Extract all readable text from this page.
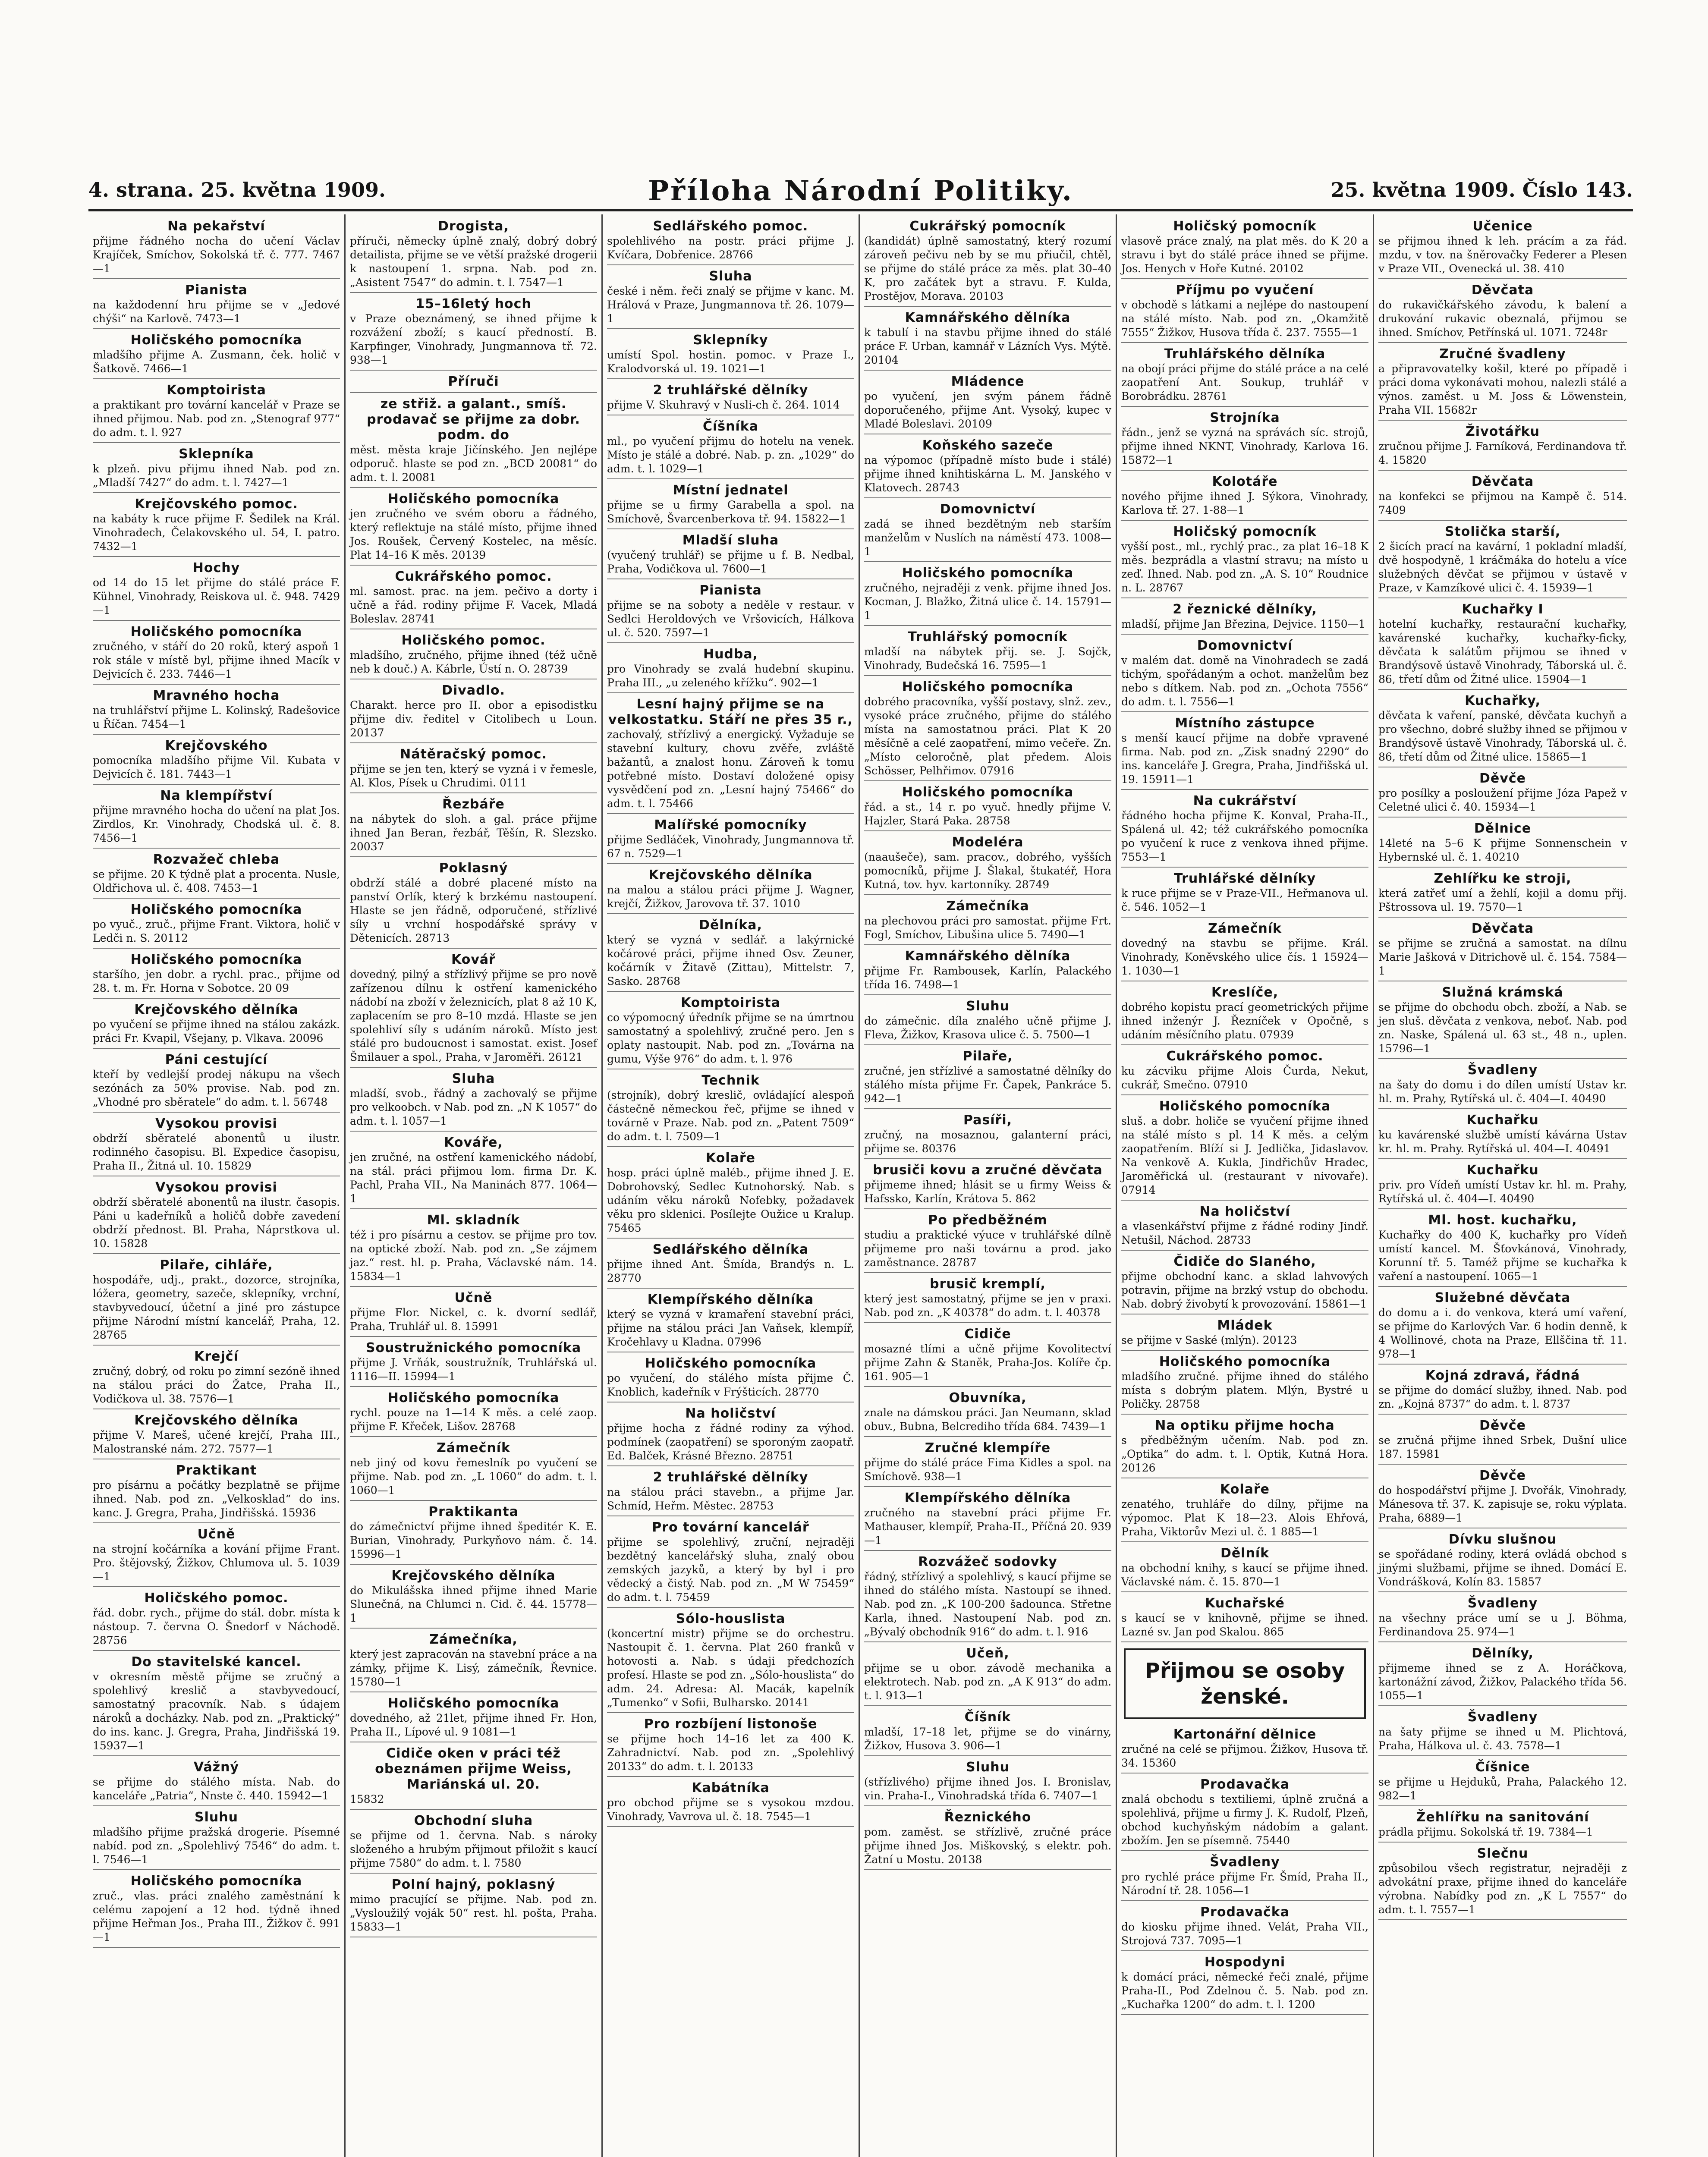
4. strana. 25. května 1909.	Příloha Národní Politiky.	25. května 1909. Číslo 143.
Na pekařství
přijme řádného nocha do učení Václav Krajíček, Smíchov, Sokolská tř. č. 777. 7467—1
Pianista
na každodenní hru přijme se v „Jedové chýši“ na Karlově. 7473—1
Holičského pomocníka
mladšího přijme A. Zusmann, ček. holič v Šatkově. 7466—1
Komptoiristа
a praktikant pro tovární kancelář v Praze se ihned přijmou. Nab. pod zn. „Stenograf 977“ do adm. t. l. 927
Sklepníka
k plzeň. pivu přijmu ihned Nab. pod zn. „Mladší 7427“ do adm. t. l. 7427—1
Krejčovského pomoc.
na kabáty k ruce přijme F. Šedilek na Král. Vinohradech, Čelakovského ul. 54, I. patro. 7432—1
Hochy
od 14 do 15 let přijme do stálé práce F. Kühnel, Vinohrady, Reiskova ul. č. 948. 7429—1
Holičského pomocníka
zručného, v stáří do 20 roků, který aspoň 1 rok stále v místě byl, přijme ihned Macík v Dejvicích č. 233. 7446—1
Mravného hocha
na truhlářství přijme L. Kolinský, Radešovice u Říčan. 7454—1
Krejčovského
pomocníka mladšího přijme Vil. Kubata v Dejvicích č. 181. 7443—1
Na klempířství
přijme mravného hocha do učení na plat Jos. Zirdlos, Kr. Vinohrady, Chodská ul. č. 8. 7456—1
Rozvažeč chleba
se přijme. 20 K týdně plat a procenta. Nusle, Oldřichova ul. č. 408. 7453—1
Holičského pomocníka
po vyuč., zruč., přijme Frant. Viktora, holič v Ledči n. S. 20112
Holičského pomocníka
staršího, jen dobr. a rychl. prac., přijme od 28. t. m. Fr. Horna v Sobotce. 20 09
Krejčovského dělníka
po vyučení se přijme ihned na stálou zakázk. práci Fr. Kvapil, Všejany, p. Vlkava. 20096
Páni cestující
kteří by vedlejší prodej nákupu na všech sezónách za 50% provise. Nab. pod zn. „Vhodné pro sběratele“ do adm. t. l. 56748
Vysokou provisi
obdrží sběratelé abonentů u ilustr. rodinného časopisu. Bl. Expedice časopisu, Praha II., Žitná ul. 10. 15829
Vysokou provisi
obdrží sběratelé abonentů na ilustr. časopis. Páni u kadeřníků a holičů dobře zavedení obdrží přednost. Bl. Praha, Náprstkova ul. 10. 15828
Pilaře, cihláře,
hospodáře, udj., prakt., dozorce, strojníka, lóžera, geometry, sazeče, sklepníky, vrchní, stavbyvedoucí, účetní a jiné pro zástupce přijme Národní místní kancelář, Praha, 12. 28765
Krejčí
zručný, dobrý, od roku po zimní sezóně ihned na stálou práci do Žatce, Praha II., Vodičkova ul. 38. 7576—1
Krejčovského dělníka
přijme V. Mareš, učené krejčí, Praha III., Malostranské nám. 272. 7577—1
Praktikant
pro písárnu a počátky bezplatně se přijme ihned. Nab. pod zn. „Velkosklad“ do ins. kanc. J. Gregra, Praha, Jindřišská. 15936
Učně
na strojní kočárníka a kování přijme Frant. Pro. štějovský, Žižkov, Chlumova ul. 5. 1039—1
Holičského pomoc.
řád. dobr. rych., přijme do stál. dobr. místa k nástoup. 7. června O. Šnedorf v Náchodě. 28756
Do stavitelské kancel.
v okresním městě přijme se zručný a spolehlivý kreslič a stavbyvedoucí, samostatný pracovník. Nab. s údajem nároků a docházky. Nab. pod zn. „Praktický“ do ins. kanc. J. Gregra, Praha, Jindřišská 19. 15937—1
Vážný
se přijme do stálého místa. Nab. do kanceláře „Patria“, Nnste č. 440. 15942—1
Sluhu
mladšího přijme pražská drogerie. Písemné nabíd. pod zn. „Spolehlivý 7546“ do adm. t. l. 7546—1
Holičského pomocníka
zruč., vlas. práci znalého zaměstnání k celému zapojení a 12 hod. týdně ihned přijme Heřman Jos., Praha III., Žižkov č. 991—1
Drogista,
příruči, německy úplně znalý, dobrý dobrý detailista, přijme se ve větší pražské drogerii k nastoupení 1. srpna. Nab. pod zn. „Asistent 7547“ do admin. t. l. 7547—1
15–16letý hoch
v Praze obeznámený, se ihned přijme k rozvážení zboží; s kaucí předností. B. Karpfinger, Vinohrady, Jungmannova tř. 72. 938—1
Příruči
ze střiž. a galant., smíš. prodavač se přijme za dobr. podm. do
měst. města kraje Jičínského. Jen nejlépe odporuč. hlaste se pod zn. „BCD 20081“ do adm. t. l. 20081
Holičského pomocníka
jen zručného ve svém oboru a řádného, který reflektuje na stálé místo, přijme ihned Jos. Roušek, Červený Kostelec, na měsíc. Plat 14–16 K měs. 20139
Cukrářského pomoc.
ml. samost. prac. na jem. pečivo a dorty i učně a řád. rodiny přijme F. Vacek, Mladá Boleslav. 28741
Holičského pomoc.
mladšího, zručného, přijme ihned (též učně neb k douč.) A. Kábrle, Ústí n. O. 28739
Divadlo.
Charakt. herce pro II. obor a episodistku přijme div. ředitel v Citolibech u Loun. 20137
Nátěračský pomoc.
přijme se jen ten, který se vyzná i v řemesle, Al. Klos, Písek u Chrudimi. 0111
Řezbáře
na nábytek do sloh. a gal. práce přijme ihned Jan Beran, řezbář, Těšín, R. Slezsko. 20037
Poklasný
obdrží stálé a dobré placené místo na panství Orlík, který k brzkému nastoupení. Hlaste se jen řádně, odporučené, střízlivé síly u vrchní hospodářské správy v Dětenicích. 28713
Kovář
dovedný, pilný a střízlivý přijme se pro nově zařízenou dílnu k ostření kamenického nádobí na zboží v železnicích, plat 8 až 10 K, zaplacením se pro 8–10 mzdá. Hlaste se jen spolehliví síly s udáním nároků. Místo jest stálé pro budoucnost i samostat. exist. Josef Šmilauer a spol., Praha, v Jaroměři. 26121
Sluha
mladší, svob., řádný a zachovalý se přijme pro velkoobch. v Nab. pod zn. „N K 1057“ do adm. t. l. 1057—1
Kováře,
jen zručné, na ostření kamenického nádobí, na stál. práci přijmou lom. firma Dr. K. Pachl, Praha VII., Na Maninách 877. 1064—1
Ml. skladník
též i pro písárnu a cestov. se přijme pro tov. na optické zboží. Nab. pod zn. „Se zájmem jaz.“ rest. hl. p. Praha, Václavské nám. 14. 15834—1
Učně
přijme Flor. Nickel, c. k. dvorní sedlář, Praha, Truhlář ul. 8. 15991
Soustružnického pomocníka
přijme J. Vrňák, soustružník, Truhlářská ul. 1116—II. 15994—1
Holičského pomocníka
rychl. pouze na 1—14 K měs. a celé zaop. přijme F. Křeček, Lišov. 28768
Zámečník
neb jiný od kovu řemeslník po vyučení se přijme. Nab. pod zn. „L 1060“ do adm. t. l. 1060—1
Praktikanta
do zámečnictví přijme ihned špeditér K. E. Burian, Vinohrady, Purkyňovo nám. č. 14. 15996—1
Krejčovského dělníka
do Mikulášska ihned přijme ihned Marie Slunečná, na Chlumci n. Cid. č. 44. 15778—1
Zámečníka,
který jest zapracován na stavební práce a na zámky, přijme K. Lisý, zámečník, Řevnice. 15780—1
Holičského pomocníka
dovedného, až 21let, přijme ihned Fr. Hon, Praha II., Lípové ul. 9 1081—1
Cidiče oken v práci též obeznámen přijme Weiss, Mariánská ul. 20.
15832
Obchodní sluha
se přijme od 1. června. Nab. s nároky složeného a hrubým přijmout přiložit s kaucí přijme 7580“ do adm. t. l. 7580
Polní hajný, poklasný
mimo pracující se přijme. Nab. pod zn. „Vysloužilý voják 50“ rest. hl. pošta, Praha. 15833—1
Sedlářského pomoc.
spolehlivého na postr. práci přijme J. Kvíčara, Dobřenice. 28766
Sluha
české i něm. řeči znalý se přijme v kanc. M. Hrálová v Praze, Jungmannova tř. 26. 1079—1
Sklepníky
umístí Spol. hostin. pomoc. v Praze I., Kralodvorská ul. 19. 1021—1
2 truhlářské dělníky
přijme V. Skuhravý v Nusli-ch č. 264. 1014
Číšníka
ml., po vyučení přijmu do hotelu na venek. Místo je stálé a dobré. Nab. p. zn. „1029“ do adm. t. l. 1029—1
Místní jednatel
přijme se u firmy Garabella a spol. na Smíchově, Švarcenberkova tř. 94. 15822—1
Mladší sluha
(vyučený truhlář) se přijme u f. B. Nedbal, Praha, Vodičkova ul. 7600—1
Pianista
přijme se na soboty a neděle v restaur. v Sedlci Heroldových ve Vršovicích, Hálkova ul. č. 520. 7597—1
Hudba,
pro Vinohrady se zvalá hudební skupinu. Praha III., „u zeleného křížku“. 902—1
Lesní hajný přijme se na velkostatku. Stáří ne přes 35 r.,
zachovalý, střízlivý a energický. Vyžaduje se stavební kultury, chovu zvěře, zvláště bažantů, a znalost honu. Zároveň k tomu potřebné místo. Dostaví doložené opisy vysvědčení pod zn. „Lesní hajný 75466“ do adm. t. l. 75466
Malířské pomocníky
přijme Sedláček, Vinohrady, Jungmannova tř. 67 n. 7529—1
Krejčovského dělníka
na malou a stálou práci přijme J. Wagner, krejčí, Žižkov, Jarovova tř. 37. 1010
Dělníka,
který se vyzná v sedlář. a lakýrnické kočárové práci, přijme ihned Osv. Zeuner, kočárník v Žitavě (Zittau), Mittelstr. 7, Sasko. 28768
Komptoiristа
co výpomocný úředník přijme se na úmrtnou samostatný a spolehlivý, zručné pero. Jen s oplaty nastoupit. Nab. pod zn. „Továrna na gumu, Výše 976“ do adm. t. l. 976
Technik
(strojník), dobrý kreslič, ovládající alespoň částečně německou řeč, přijme se ihned v továrně v Praze. Nab. pod zn. „Patent 7509“ do adm. t. l. 7509—1
Kolaře
hosp. práci úplně maléb., přijme ihned J. E. Dobrohovský, Sedlec Kutnohorský. Nab. s udáním věku nároků Nofebky, požadavek věku pro sklenici. Posílejte Oužice u Kralup. 75465
Sedlářského dělníka
přijme ihned Ant. Šmída, Brandýs n. L. 28770
Klempířského dělníka
který se vyzná v kramaření stavební práci, přijme na stálou práci Jan Vaňsek, klempíř, Kročehlavy u Kladna. 07996
Holičského pomocníka
po vyučení, do stálého místa přijme Č. Knoblich, kadeřník v Frýšticích. 28770
Na holičství
přijme hocha z řádné rodiny za výhod. podmínek (zaopatření) se sporoným zaopatř. Ed. Balček, Krásné Březno. 28751
2 truhlářské dělníky
na stálou práci stavebn., a přijme Jar. Schmíd, Heřm. Městec. 28753
Pro tovární kancelář
přijme se spolehlivý, zruční, nejraději bezdětný kancelářský sluha, znalý obou zemských jazyků, a který by byl i pro vědecký a čistý. Nab. pod zn. „M W 75459“ do adm. t. l. 75459
Sólo-houslista
(koncertní mistr) přijme se do orchestru. Nastoupit č. 1. června. Plat 260 franků v hotovosti a. Nab. s údaji předchozích profesí. Hlaste se pod zn. „Sólo-houslista“ do adm. 24. Adresa: Al. Macák, kapelník „Tumenko“ v Sofii, Bulharsko. 20141
Pro rozbíjení listonoše
se přijme hoch 14–16 let za 400 K. Zahradnictví. Nab. pod zn. „Spolehlivý 20133“ do adm. t. l. 20133
Kabátníka
pro obchod přijme se s vysokou mzdou. Vinohrady, Vavrova ul. č. 18. 7545—1
Cukrářský pomocník
(kandidát) úplně samostatný, který rozumí zároveň pečivu neb by se mu přiučil, chtěl, se přijme do stálé práce za měs. plat 30–40 K, pro začátek byt a stravu. F. Kulda, Prostějov, Morava. 20103
Kamnářského dělníka
k tabulí i na stavbu přijme ihned do stálé práce F. Urban, kamnář v Lázních Vys. Mýtě. 20104
Mládence
po vyučení, jen svým pánem řádně doporučeného, přijme Ant. Vysoký, kupec v Mladé Boleslavi. 20109
Koňského sazeče
na výpomoc (případně místo bude i stálé) přijme ihned knihtiskárna L. M. Janského v Klatovech. 28743
Domovnictví
zadá se ihned bezdětným neb starším manželům v Nuslích na náměstí 473. 1008—1
Holičského pomocníka
zručného, nejraději z venk. přijme ihned Jos. Kocman, J. Blažko, Žitná ulice č. 14. 15791—1
Truhlářský pomocník
mladší na nábytek přij. se. J. Sojčk, Vinohrady, Budečská 16. 7595—1
Holičského pomocníka
dobrého pracovníka, vyšší postavy, slnž. zev., vysoké práce zručného, přijme do stálého místa na samostatnou práci. Plat K 20 měsíčně a celé zaopatření, mimo večeře. Zn. „Místo celoročně, plat předem. Alois Schösser, Pelhřimov. 07916
Holičského pomocníka
řád. a st., 14 r. po vyuč. hnedly přijme V. Hajzler, Stará Paka. 28758
Modeléra
(naaušeče), sam. pracov., dobrého, vyšších pomocníků, přijme J. Šlakal, štukatéř, Hora Kutná, tov. hyv. kartonníky. 28749
Zámečníka
na plechovou práci pro samostat. přijme Frt. Fogl, Smíchov, Libušina ulice 5. 7490—1
Kamnářského dělníka
přijme Fr. Rambousek, Karlín, Palackého třída 16. 7498—1
Sluhu
do zámečnic. díla znalého učně přijme J. Fleva, Žižkov, Krasova ulice č. 5. 7500—1
Pilaře,
zručné, jen střízlivé a samostatné dělníky do stálého místa přijme Fr. Čapek, Pankráce 5. 942—1
Pasíři,
zručný, na mosaznou, galanterní práci, přijme se. 80376
brusiči kovu a zručné děvčata
přijmeme ihned; hlásit se u firmy Weiss & Hafssko, Karlín, Krátova 5. 862
Po předběžném
studiu a praktické výuce v truhlářské dílně přijmeme pro naši továrnu a prod. jako zaměstnance. 28787
brusič kremplí,
který jest samostatný, přijme se jen v praxi. Nab. pod zn. „K 40378“ do adm. t. l. 40378
Cidiče
mosazné tlími a učně přijme Kovolitectví přijme Zahn & Staněk, Praha-Jos. Kolíře čp. 161. 905—1
Obuvníka,
znale na dámskou práci. Jan Neumann, sklad obuv., Bubna, Belcrediho třída 684. 7439—1
Zručné klempíře
přijme do stálé práce Fima Kidles a spol. na Smíchově. 938—1
Klempířského dělníka
zručného na stavební práci přijme Fr. Mathauser, klempíř, Praha-II., Příčná 20. 939—1
Rozvážeč sodovky
řádný, střízlivý a spolehlivý, s kaucí přijme se ihned do stálého místa. Nastoupí se ihned. Nab. pod zn. „K 100-200 šadounca. Střetne Karla, ihned. Nastoupení Nab. pod zn. „Bývalý obchodník 916“ do adm. t. l. 916
Učeň,
přijme se u obor. závodě mechanika a elektrotech. Nab. pod zn. „A K 913“ do adm. t. l. 913—1
Číšník
mladší, 17–18 let, přijme se do vinárny, Žižkov, Husova 3. 906—1
Sluhu
(střízlivého) přijme ihned Jos. I. Bronislav, vin. Praha-I., Vinohradská třída 6. 7407—1
Řeznického
pom. zaměst. se střízlivě, zručné práce přijme ihned Jos. Miškovský, s elektr. poh. Žatní u Mostu. 20138
Holičský pomocník
vlasově práce znalý, na plat měs. do K 20 a stravu i byt do stálé práce ihned se přijme. Jos. Henych v Hoře Kutné. 20102
Příjmu po vyučení
v obchodě s látkami a nejlépe do nastoupení na stálé místo. Nab. pod zn. „Okamžitě 7555“ Žižkov, Husova třída č. 237. 7555—1
Truhlářského dělníka
na obojí práci přijme do stálé práce a na celé zaopatření Ant. Soukup, truhlář v Borobrádku. 28761
Strojníka
řádn., jenž se vyzná na správách síc. strojů, přijme ihned NKNT, Vinohrady, Karlova 16. 15872—1
Kolotáře
nového přijme ihned J. Sýkora, Vinohrady, Karlova tř. 27. 1-88—1
Holičský pomocník
vyšší post., ml., rychlý prac., za plat 16–18 K měs. bezprádla a vlastní stravu; na místo u zeď. Ihned. Nab. pod zn. „A. S. 10“ Roudnice n. L. 28767
2 řeznické dělníky,
mladší, přijme Jan Březina, Dejvice. 1150—1
Domovnictví
v malém dat. domě na Vinohradech se zadá tichým, spořádaným a ochot. manželům bez nebo s dítkem. Nab. pod zn. „Ochota 7556“ do adm. t. l. 7556—1
Místního zástupce
s menší kaucí přijme na dobře vpravené firma. Nab. pod zn. „Zisk snadný 2290“ do ins. kanceláře J. Gregra, Praha, Jindřišská ul. 19. 15911—1
Na cukrářství
řádného hocha přijme K. Konval, Praha-II., Spálená ul. 42; též cukrářského pomocníka po vyučení k ruce z venkova ihned přijme. 7553—1
Truhlářské dělníky
k ruce přijme se v Praze-VII., Heřmanova ul. č. 546. 1052—1
Zámečník
dovedný na stavbu se přijme. Král. Vinohrady, Koněvského ulice čís. 1 15924—1. 1030—1
Kreslíče,
dobrého kopistu prací geometrických přijme ihned inženýr J. Řezníček v Opočně, s udáním měsíčního platu. 07939
Cukrářského pomoc.
ku zácviku přijme Alois Čurda, Nekut, cukrář, Smečno. 07910
Holičského pomocníka
sluš. a dobr. holiče se vyučení přijme ihned na stálé místo s pl. 14 K měs. a celým zaopatřením. Blíží si J. Jedlička, Jidaslavov. Na venkově A. Kukla, Jindřichův Hradec, Jaroměřická ul. (restaurant v nivovaře). 07914
Na holičství
a vlasenkářství přijme z řádné rodiny Jindř. Netušil, Náchod. 28733
Čidiče do Slaného,
přijme obchodní kanc. a sklad lahvových potravin, přijme na brzký vstup do obchodu. Nab. dobrý živobytí k provozování. 15861—1
Mládek
se přijme v Saské (mlýn). 20123
Holičského pomocníka
mladšího zručné. přijme ihned do stálého místa s dobrým platem. Mlýn, Bystré u Poličky. 28758
Na optiku přijme hocha
s předběžným učením. Nab. pod zn. „Optika“ do adm. t. l. Optik, Kutná Hora. 20126
Kolaře
zenatého, truhláře do dílny, přijme na výpomoc. Plat K 18—23. Alois Ehřová, Praha, Viktorův Mezi ul. č. 1 885—1
Dělník
na obchodní knihy, s kaucí se přijme ihned. Václavské nám. č. 15. 870—1
Kuchařské
s kaucí se v knihovně, přijme se ihned. Lazné sv. Jan pod Skalou. 865
Přijmou se osoby ženské.
Kartonářní dělnice
zručné na celé se přijmou. Žižkov, Husova tř. 34. 15360
Prodavačka
znalá obchodu s textiliemi, úplně zručná a spolehlivá, přijme u firmy J. K. Rudolf, Plzeň, obchod kuchyňským nádobím a galant. zbožím. Jen se písemně. 75440
Švadleny
pro rychlé práce přijme Fr. Šmíd, Praha II., Národní tř. 28. 1056—1
Prodavačka
do kiosku přijme ihned. Velát, Praha VII., Strojová 737. 7095—1
Hospodyni
k domácí práci, německé řeči znalé, přijme Praha-II., Pod Zdelnou č. 5. Nab. pod zn. „Kuchařka 1200“ do adm. t. l. 1200
Učenice
se přijmou ihned k leh. prácím a za řád. mzdu, v tov. na šněrovačky Federer a Plesen v Praze VII., Ovenecká ul. 38. 410
Děvčata
do rukavičkářského závodu, k balení a drukování rukavic obeznalá, přijmou se ihned. Smíchov, Petřínská ul. 1071. 7248r
Zručné švadleny
a připravovatelky košil, které po případě i práci doma vykonávati mohou, nalezli stálé a výnos. zaměst. u M. Joss & Löwenstein, Praha VII. 15682r
Životářku
zručnou přijme J. Farníková, Ferdinandova tř. 4. 15820
Děvčata
na konfekci se přijmou na Kampě č. 514. 7409
Stolička starší,
2 šicích prací na kavární, 1 pokladní mladší, dvě hospodyně, 1 kráčmáka do hotelu a více služebných děvčat se přijmou v ústavě v Praze, v Kamzíkové ulici č. 4. 15939—1
Kuchařky I
hotelní kuchařky, restaurační kuchařky, kavárenské kuchařky, kuchařky-ficky, děvčata k salátům přijmou se ihned v Brandýsově ústavě Vinohrady, Táborská ul. č. 86, třetí dům od Žitné ulice. 15904—1
Kuchařky,
děvčata k vaření, panské, děvčata kuchyň a pro všechno, dobré služby ihned se přijmou v Brandýsově ústavě Vinohrady, Táborská ul. č. 86, třetí dům od Žitné ulice. 15865—1
Děvče
pro posílky a posloužení přijme Józa Papež v Celetné ulici č. 40. 15934—1
Dělnice
14leté na 5–6 K přijme Sonnenschein v Hybernské ul. č. 1. 40210
Zehlířku ke stroji,
která zatřeť umí a žehlí, kojil a domu přij. Pštrossova ul. 19. 7570—1
Děvčata
se přijme se zručná a samostat. na dílnu Marie Jašková v Ditrichově ul. č. 154. 7584—1
Služná krámská
se přijme do obchodu obch. zboží, a Nab. se jen sluš. děvčata z venkova, neboť. Nab. pod zn. Naske, Spálená ul. 63 st., 48 n., uplen. 15796—1
Švadleny
na šaty do domu i do dílen umístí Ustav kr. hl. m. Prahy, Rytířská ul. č. 404—I. 40490
Kuchařku
ku kavárenské službě umístí kávárna Ustav kr. hl. m. Prahy. Rytířská ul. 404—I. 40491
Kuchařku
priv. pro Vídeň umístí Ustav kr. hl. m. Prahy, Rytířská ul. č. 404—I. 40490
Ml. host. kuchařku,
Kuchařky do 400 K, kuchařky pro Vídeň umístí kancel. M. Šťovkánová, Vinohrady, Korunní tř. 5. Taméž přijme se kuchařka k vaření a nastoupení. 1065—1
Služebné děvčata
do domu a i. do venkova, která umí vaření, se přijme do Karlových Var. 6 hodin denně, k 4 Wollinové, chota na Praze, Ellščina tř. 11. 978—1
Kojná zdravá, řádná
se přijme do domácí služby, ihned. Nab. pod zn. „Kojná 8737“ do adm. t. l. 8737
Děvče
se zručná přijme ihned Srbek, Dušní ulice 187. 15981
Děvče
do hospodářství přijme J. Dvořák, Vinohrady, Mánesova tř. 37. K. zapisuje se, roku výplata. Praha, 6889—1
Dívku slušnou
se spořádané rodiny, která ovládá obchod s jinými službami, přijme se ihned. Domácí E. Vondrášková, Kolín 83. 15857
Švadleny
na všechny práce umí se u J. Böhma, Ferdinandova 25. 974—1
Dělníky,
přijmeme ihned se z A. Horáčkova, kartonážní závod, Žižkov, Palackého třída 56. 1055—1
Švadleny
na šaty přijme se ihned u M. Plichtová, Praha, Hálkova ul. č. 43. 7578—1
Číšnice
se přijme u Hejduků, Praha, Palackého 12. 982—1
Žehlířku na sanitování
prádla přijmu. Sokolská tř. 19. 7384—1
Slečnu
způsobilou všech registratur, nejraději z advokátní praxe, přijme ihned do kanceláře výrobna. Nabídky pod zn. „K L 7557“ do adm. t. l. 7557—1
